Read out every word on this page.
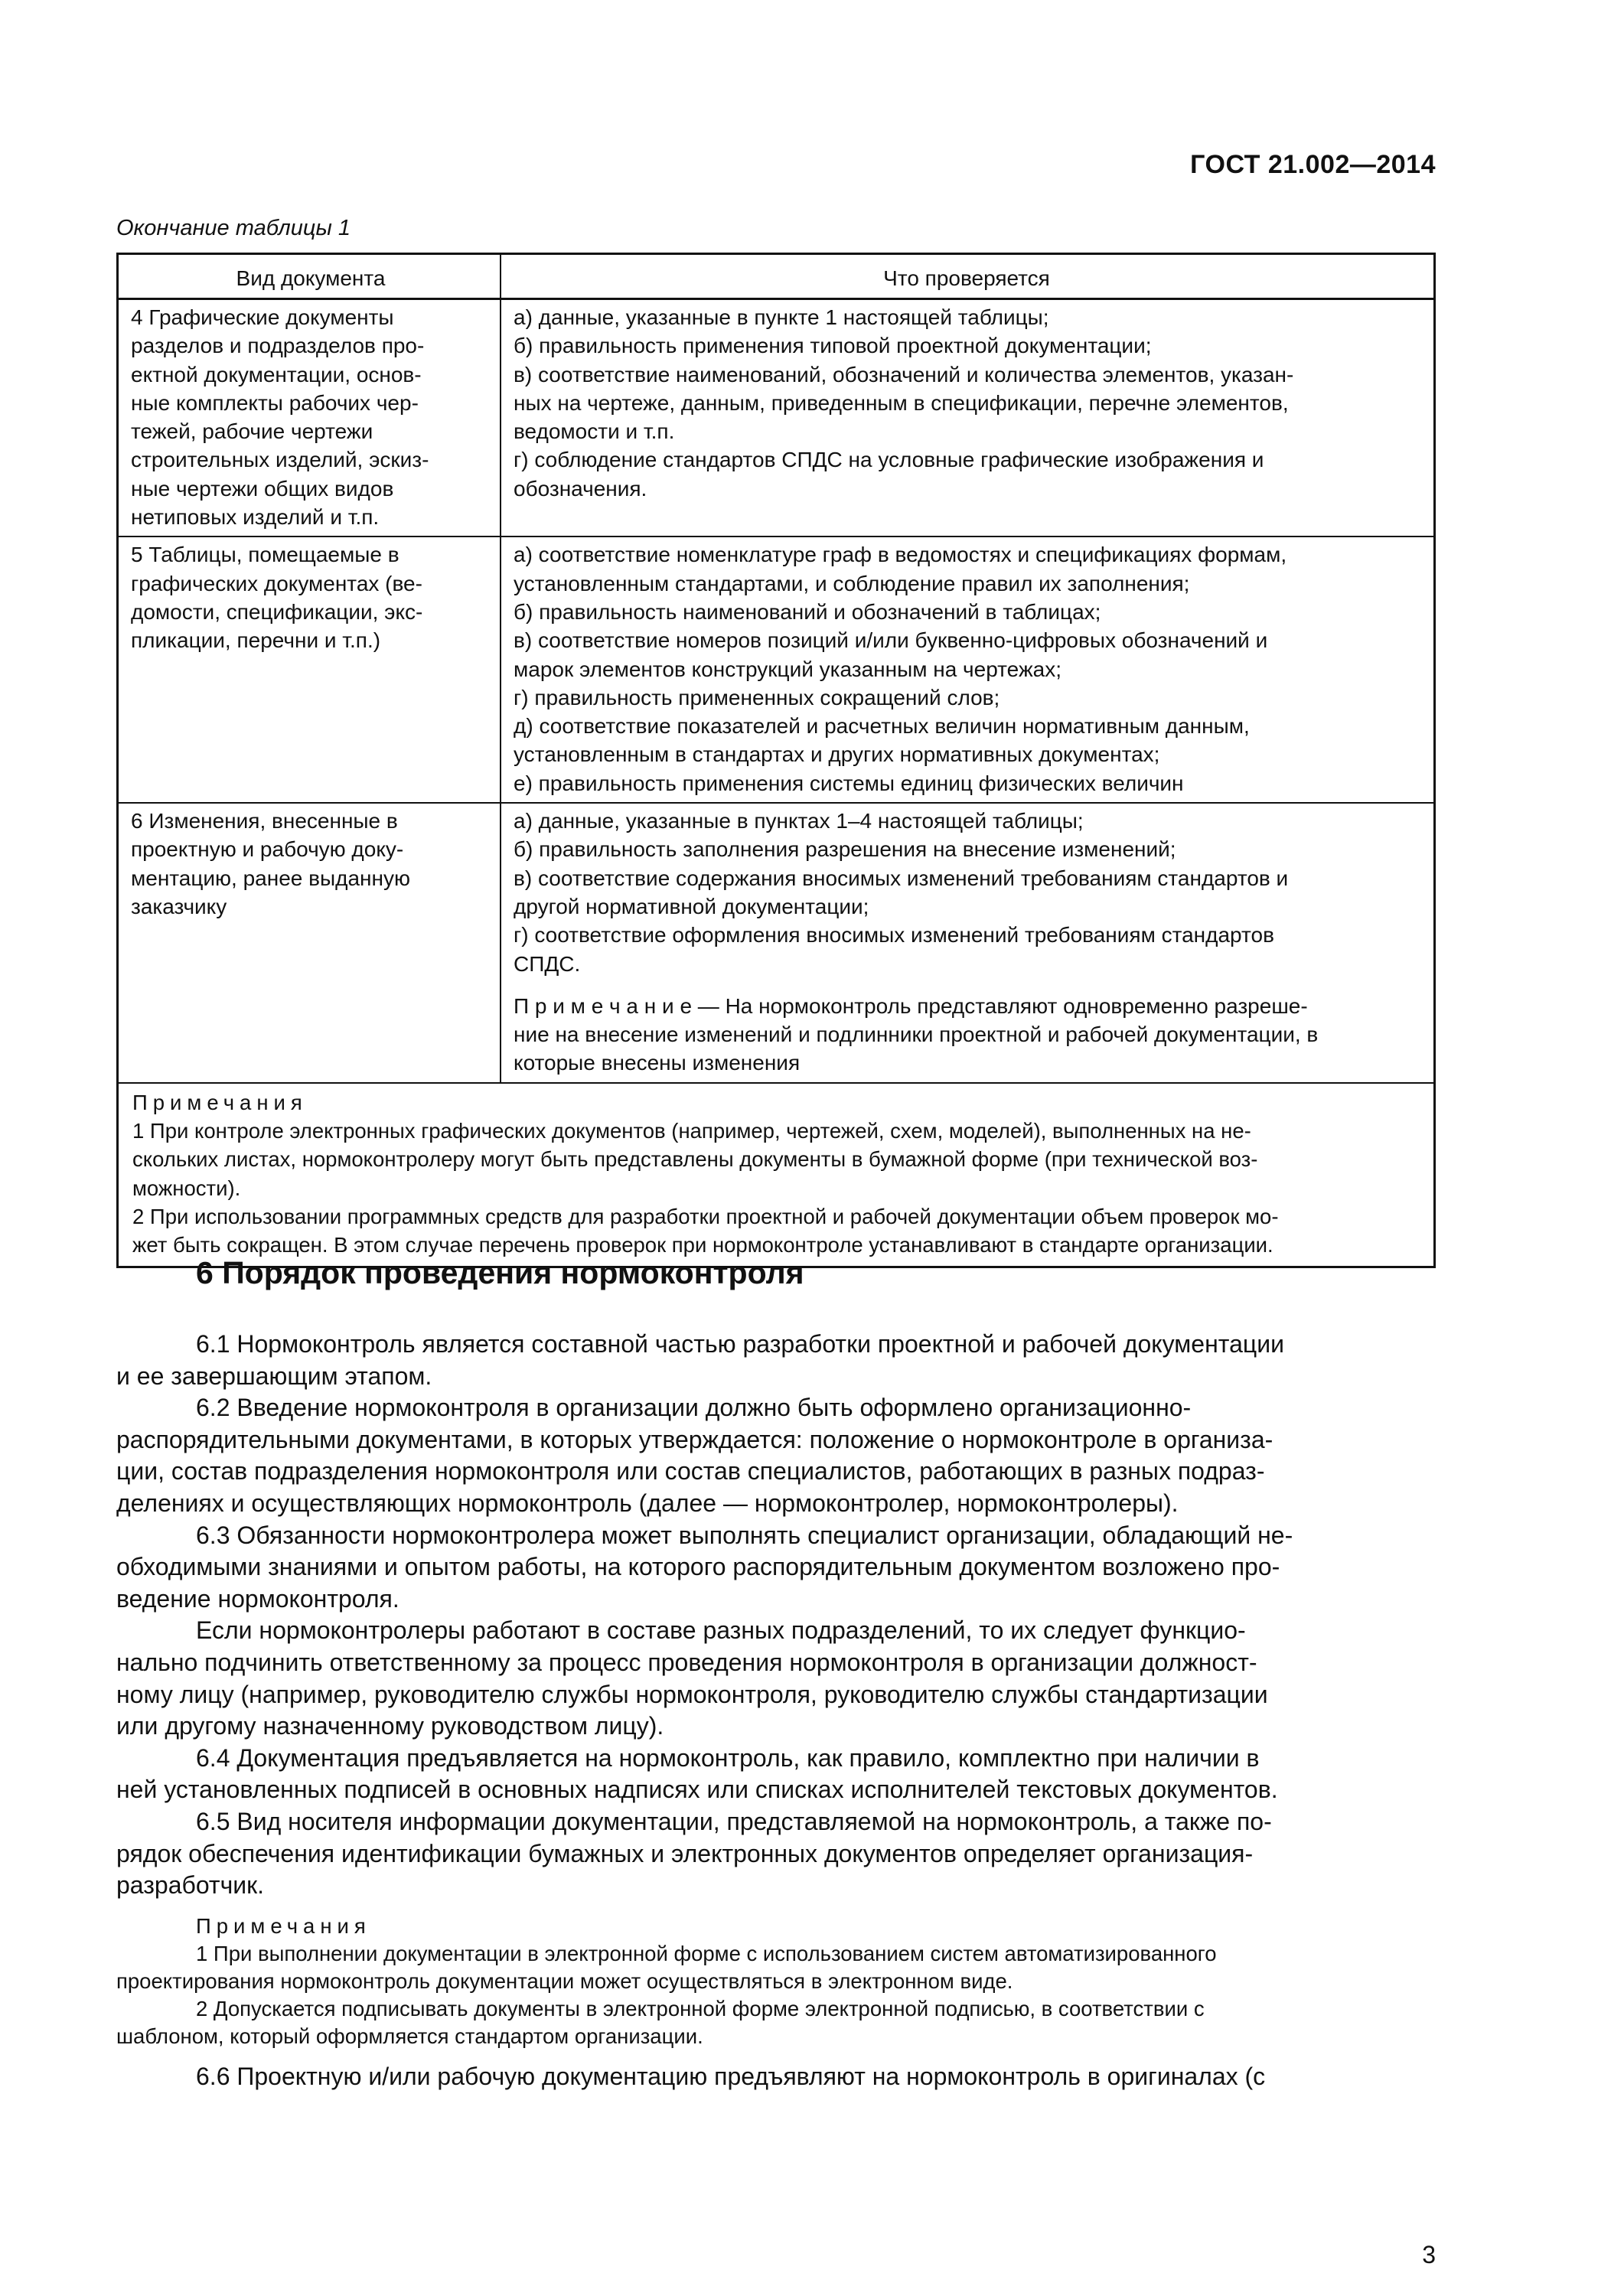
ГОСТ 21.002—2014
Окончание таблицы 1
Вид документа	Что проверяется
4 Графические документы
разделов и подразделов про-
ектной документации, основ-
ные комплекты рабочих чер-
тежей, рабочие чертежи
строительных изделий, эскиз-
ные чертежи общих видов
нетиповых изделий и т.п.
а) данные, указанные в пункте 1 настоящей таблицы;
б) правильность применения типовой проектной документации;
в) соответствие наименований, обозначений и количества элементов, указан-
ных на чертеже, данным, приведенным в спецификации, перечне элементов,
ведомости и т.п.
г) соблюдение стандартов СПДС на условные графические изображения и
обозначения.
5 Таблицы, помещаемые в
графических документах (ве-
домости, спецификации, экс-
пликации, перечни и т.п.)
а) соответствие номенклатуре граф в ведомостях и спецификациях формам,
установленным стандартами, и соблюдение правил их заполнения;
б) правильность наименований и обозначений в таблицах;
в) соответствие номеров позиций и/или буквенно-цифровых обозначений и
марок элементов конструкций указанным на чертежах;
г) правильность примененных сокращений слов;
д) соответствие показателей и расчетных величин нормативным данным,
установленным в стандартах и других нормативных документах;
е) правильность применения системы единиц физических величин
6 Изменения, внесенные в
проектную и рабочую доку-
ментацию, ранее выданную
заказчику
а) данные, указанные в пунктах 1–4 настоящей таблицы;
б) правильность заполнения разрешения на внесение изменений;
в) соответствие содержания вносимых изменений требованиям стандартов и
другой нормативной документации;
г) соответствие оформления вносимых изменений требованиям стандартов
СПДС.
П р и м е ч а н и е — На нормоконтроль представляют одновременно разреше-
ние на внесение изменений и подлинники проектной и рабочей документации, в
которые внесены изменения
Примечания
1 При контроле электронных графических документов (например, чертежей, схем, моделей), выполненных на не-
скольких листах, нормоконтролеру могут быть представлены документы в бумажной форме (при технической воз-
можности).
2 При использовании программных средств для разработки проектной и рабочей документации объем проверок мо-
жет быть сокращен. В этом случае перечень проверок при нормоконтроле устанавливают в стандарте организации.
6 Порядок проведения нормоконтроля

6.1 Нормоконтроль является составной частью разработки проектной и рабочей документации
и ее завершающим этапом.

6.2 Введение нормоконтроля в организации должно быть оформлено организационно-
распорядительными документами, в которых утверждается: положение о нормоконтроле в организа-
ции, состав подразделения нормоконтроля или состав специалистов, работающих в разных подраз-
делениях и осуществляющих нормоконтроль (далее — нормоконтролер, нормоконтролеры).

6.3 Обязанности нормоконтролера может выполнять специалист организации, обладающий не-
обходимыми знаниями и опытом работы, на которого распорядительным документом возложено про-
ведение нормоконтроля.

Если нормоконтролеры работают в составе разных подразделений, то их следует функцио-
нально подчинить ответственному за процесс проведения нормоконтроля в организации должност-
ному лицу (например, руководителю службы нормоконтроля, руководителю службы стандартизации
или другому назначенному руководством лицу).

6.4 Документация предъявляется на нормоконтроль, как правило, комплектно при наличии в
ней установленных подписей в основных надписях или списках исполнителей текстовых документов.

6.5 Вид носителя информации документации, представляемой на нормоконтроль, а также по-
рядок обеспечения идентификации бумажных и электронных документов определяет организация-
разработчик.

Примечания
1 При выполнении документации в электронной форме с использованием систем автоматизированного
проектирования нормоконтроль документации может осуществляться в электронном виде.
2 Допускается подписывать документы в электронной форме электронной подписью, в соответствии с
шаблоном, который оформляется стандартом организации.

6.6 Проектную и/или рабочую документацию предъявляют на нормоконтроль в оригиналах (с

3
